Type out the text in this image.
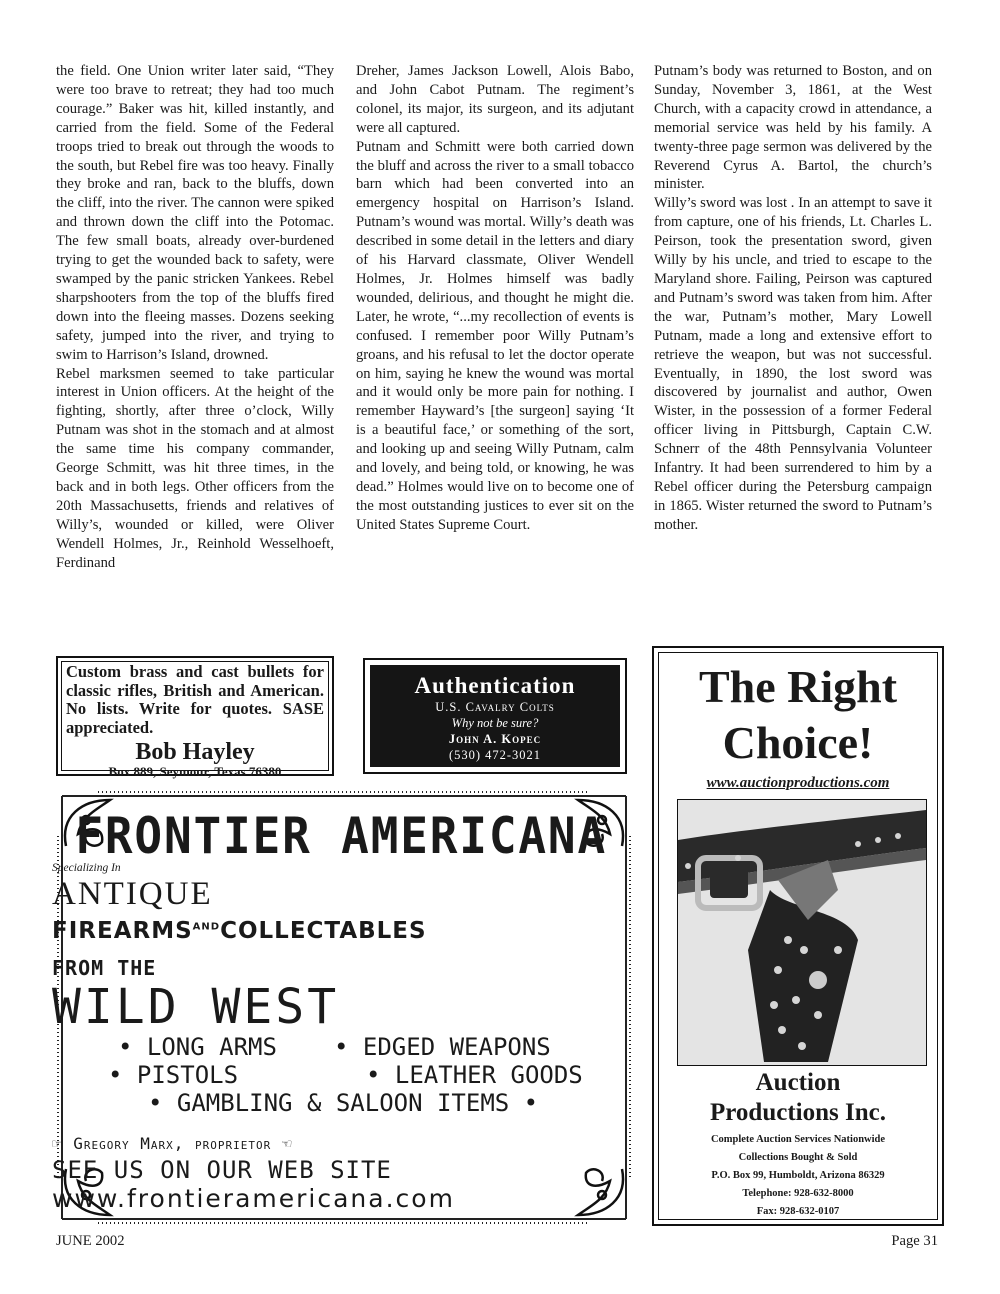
the field. One Union writer later said, “They were too brave to retreat; they had too much courage.” Baker was hit, killed instantly, and carried from the field. Some of the Federal troops tried to break out through the woods to the south, but Rebel fire was too heavy. Finally they broke and ran, back to the bluffs, down the cliff, into the river. The cannon were spiked and thrown down the cliff into the Potomac. The few small boats, already over-burdened trying to get the wounded back to safety, were swamped by the panic stricken Yankees. Rebel sharpshooters from the top of the bluffs fired down into the fleeing masses. Dozens seeking safety, jumped into the river, and trying to swim to Harrison’s Island, drowned.

Rebel marksmen seemed to take particular interest in Union officers. At the height of the fighting, shortly, after three o’clock, Willy Putnam was shot in the stomach and at almost the same time his company commander, George Schmitt, was hit three times, in the back and in both legs. Other officers from the 20th Massachusetts, friends and relatives of Willy’s, wounded or killed, were Oliver Wendell Holmes, Jr., Reinhold Wesselhoeft, Ferdinand

Dreher, James Jackson Lowell, Alois Babo, and John Cabot Putnam. The regiment’s colonel, its major, its surgeon, and its adjutant were all captured.

Putnam and Schmitt were both carried down the bluff and across the river to a small tobacco barn which had been converted into an emergency hospital on Harrison’s Island. Putnam’s wound was mortal. Willy’s death was described in some detail in the letters and diary of his Harvard classmate, Oliver Wendell Holmes, Jr. Holmes himself was badly wounded, delirious, and thought he might die. Later, he wrote, “...my recollection of events is confused. I remember poor Willy Putnam’s groans, and his refusal to let the doctor operate on him, saying he knew the wound was mortal and it would only be more pain for nothing. I remember Hayward’s [the surgeon] saying ‘It is a beautiful face,’ or something of the sort, and looking up and seeing Willy Putnam, calm and lovely, and being told, or knowing, he was dead.” Holmes would live on to become one of the most outstanding justices to ever sit on the United States Supreme Court.

Putnam’s body was returned to Boston, and on Sunday, November 3, 1861, at the West Church, with a capacity crowd in attendance, a memorial service was held by his family. A twenty-three page sermon was delivered by the Reverend Cyrus A. Bartol, the church’s minister.

Willy’s sword was lost . In an attempt to save it from capture, one of his friends, Lt. Charles L. Peirson, took the presentation sword, given Willy by his uncle, and tried to escape to the Maryland shore. Failing, Peirson was captured and Putnam’s sword was taken from him. After the war, Putnam’s mother, Mary Lowell Putnam, made a long and extensive effort to retrieve the weapon, but was not successful. Eventually, in 1890, the lost sword was discovered by journalist and author, Owen Wister, in the possession of a former Federal officer living in Pittsburgh, Captain C.W. Schnerr of the 48th Pennsylvania Volunteer Infantry. It had been surrendered to him by a Rebel officer during the Petersburg campaign in 1865. Wister returned the sword to Putnam’s mother.

Custom brass and cast bullets for classic rifles, British and American. No lists. Write for quotes. SASE appreciated.
Bob Hayley
Box 889, Seymour, Texas 76380
Authentication
U.S. Cavalry Colts
Why not be sure?
John A. Kopec
(530) 472-3021
FRONTIER AMERICANA
Specializing In
ANTIQUE
$FIREARMS^{AND}COLLECTABLES$
FROM THE
WILD WEST
• LONG ARMS • EDGED WEAPONS
• PISTOLS	• LEATHER GOODS
• GAMBLING & SALOON ITEMS •
☞ Gregory Marx, proprietor ☜
SEE US ON OUR WEB SITE
www.frontieramericana.com
The Right
Choice!
www.auctionproductions.com
Auction
Productions Inc.
Complete Auction Services Nationwide
Collections Bought & Sold
P.O. Box 99, Humboldt, Arizona 86329
Telephone: 928-632-8000
Fax: 928-632-0107
JUNE 2002	Page 31
